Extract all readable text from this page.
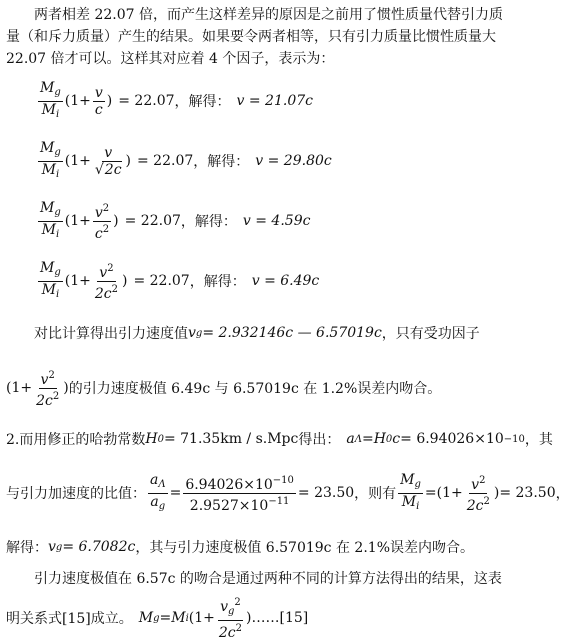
两者相差 22.07 倍，而产生这样差异的原因是之前用了惯性质量代替引力质
量（和斥力质量）产生的结果。如果要令两者相等，只有引力质量比惯性质量大
22.07 倍才可以。这样其对应着 4 个因子，表示为：
$\frac{M_g}{M_i} (1+ \frac{v}{c}$ ) = 22.07 ，解得： v = 21.07c
$\frac{M_g}{M_i} (1+ \frac{v}{√2c}$ ) = 22.07 ，解得： v = 29.80c
$\frac{M_g}{M_i} (1+ \frac{v^2}{c^2}$ ) = 22.07 ，解得： v = 4.59c
$\frac{M_g}{M_i} (1+ \frac{v^2}{2c^2}$ ) = 22.07 ，解得： v = 6.49c
对比计算得出引力速度值 v g = 2.932146c — 6.57019c ，只有受功因子
($1+ \frac{v^2}{2c^2}$ ) 的引力速度极值 6.49c 与 6.57019c 在 1.2%误差内吻合。
2.而用修正的哈勃常数 H 0 = 71.35km / s.Mpc 得出： a Λ = H 0 c = 6.94026×10 −10 ，其
与引力加速度的比值： $\frac{a_\Lambda}{a_g} = \frac{6.94026\times 10^{-10}}{2.9527\times 10^{-11}} = 23.50$ ，则有 $\frac{M_g}{M_i} = (1+ \frac{v^2}{2c^2}$ ) = 23.50 ，
解得： v g = 6.7082c ，其与引力速度极值 6.57019c 在 2.1%误差内吻合。
引力速度极值在 6.57c 的吻合是通过两种不同的计算方法得出的结果，这表
明关系式[15]成立。 M g = M i ($1+ \frac{v_g^2}{2c^2}$ ) ……[15]
